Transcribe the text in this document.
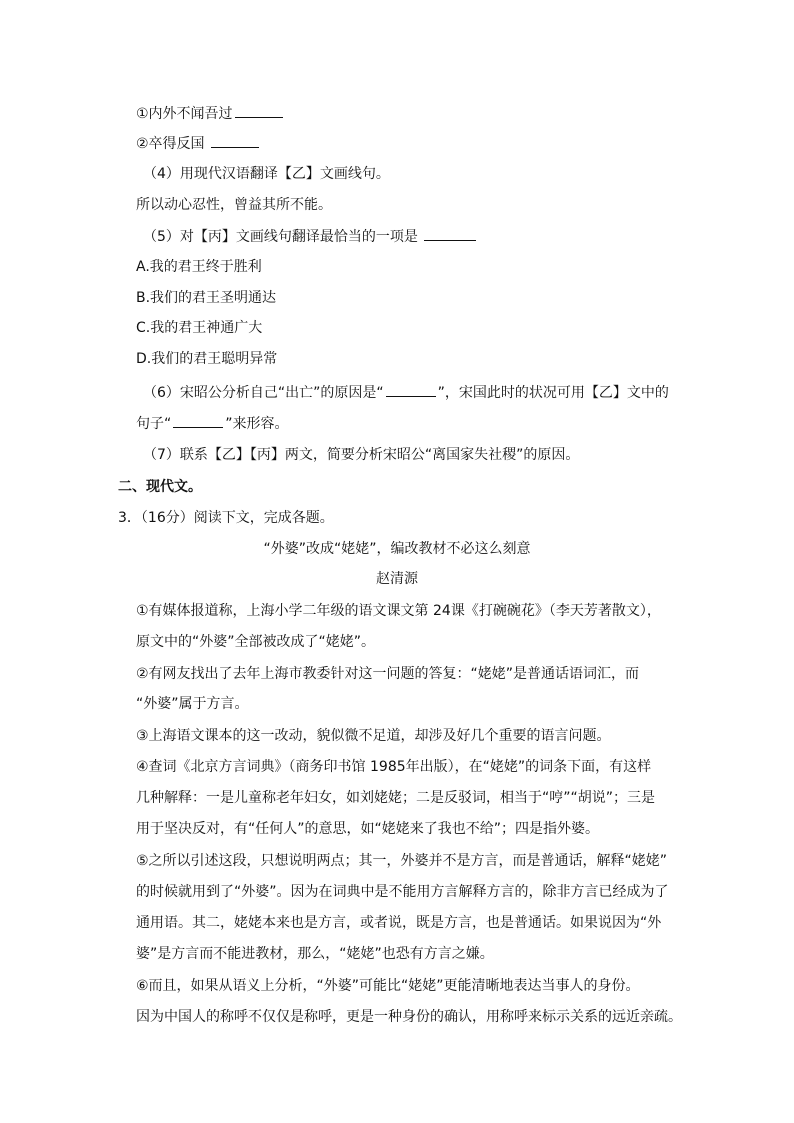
①内外不闻吾过
②卒得反国
（4）用现代汉语翻译【乙】文画线句。
所以动心忍性，曾益其所不能。
（5）对【丙】文画线句翻译最恰当的一项是
A.我的君王终于胜利
B.我们的君王圣明通达
C.我的君王神通广大
D.我们的君王聪明异常
（6）宋昭公分析自己“出亡”的原因是“	”，宋国此时的状况可用【乙】文中的
句子“	”来形容。
（7）联系【乙】【丙】两文，简要分析宋昭公“离国家失社稷”的原因。
二、现代文。
3．（16分）阅读下文，完成各题。
“外婆”改成“姥姥”，编改教材不必这么刻意
赵清源
①有媒体报道称，上海小学二年级的语文课文第 24课《打碗碗花》（李天芳著散文），
原文中的“外婆”全部被改成了“姥姥”。
②有网友找出了去年上海市教委针对这一问题的答复：“姥姥”是普通话语词汇，而
“外婆”属于方言。
③上海语文课本的这一改动，貌似微不足道，却涉及好几个重要的语言问题。
④查词《北京方言词典》（商务印书馆 1985年出版），在“姥姥”的词条下面，有这样
几种解释：一是儿童称老年妇女，如刘姥姥；二是反驳词，相当于“哼”“胡说”；三是
用于坚决反对，有“任何人”的意思，如“姥姥来了我也不给”；四是指外婆。
⑤之所以引述这段，只想说明两点；其一，外婆并不是方言，而是普通话，解释“姥姥”
的时候就用到了“外婆”。因为在词典中是不能用方言解释方言的，除非方言已经成为了
通用语。其二，姥姥本来也是方言，或者说，既是方言，也是普通话。如果说因为“外
婆”是方言而不能进教材，那么，“姥姥”也恐有方言之嫌。
⑥而且，如果从语义上分析，“外婆”可能比“姥姥”更能清晰地表达当事人的身份。
因为中国人的称呼不仅仅是称呼，更是一种身份的确认，用称呼来标示关系的远近亲疏。
